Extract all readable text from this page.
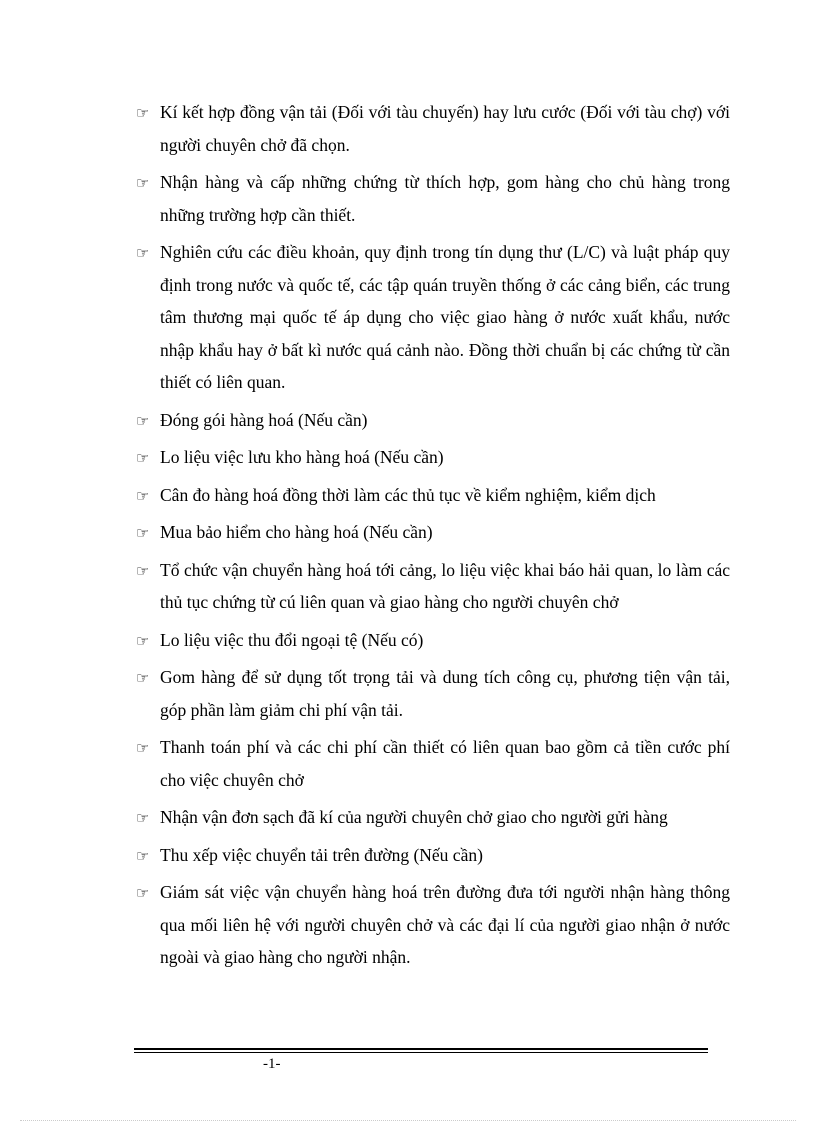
☞ Kí kết hợp đồng vận tải (Đối với tàu chuyến) hay lưu cước (Đối với tàu chợ) với người chuyên chở đã chọn.
☞ Nhận hàng và cấp những chứng từ thích hợp, gom hàng cho chủ hàng trong những trường hợp cần thiết.
☞ Nghiên cứu các điều khoản, quy định trong tín dụng thư (L/C) và luật pháp quy định trong nước và quốc tế, các tập quán truyền thống ở các cảng biển, các trung tâm thương mại quốc tế áp dụng cho việc giao hàng ở nước xuất khẩu, nước nhập khẩu hay ở bất kì nước quá cảnh nào. Đồng thời chuẩn bị các chứng từ cần thiết có liên quan.
☞ Đóng gói hàng hoá (Nếu cần)
☞ Lo liệu việc lưu kho hàng hoá (Nếu cần)
☞ Cân đo hàng hoá đồng thời làm các thủ tục về kiểm nghiệm, kiểm dịch
☞ Mua bảo hiểm cho hàng hoá (Nếu cần)
☞ Tổ chức vận chuyển hàng hoá tới cảng, lo liệu việc khai báo hải quan, lo làm các thủ tục chứng từ cú liên quan và giao hàng cho người chuyên chở
☞ Lo liệu việc thu đổi ngoại tệ (Nếu có)
☞ Gom hàng để sử dụng tốt trọng tải và dung tích công cụ, phương tiện vận tải, góp phần làm giảm chi phí vận tải.
☞ Thanh toán phí và các chi phí cần thiết có liên quan bao gồm cả tiền cước phí cho việc chuyên chở
☞ Nhận vận đơn sạch đã kí của người chuyên chở giao cho người gửi hàng
☞ Thu xếp việc chuyển tải trên đường (Nếu cần)
☞ Giám sát việc vận chuyển hàng hoá trên đường đưa tới người nhận hàng thông qua mối liên hệ với người chuyên chở và các đại lí của người giao nhận ở nước ngoài và giao hàng cho người nhận.
-1-
